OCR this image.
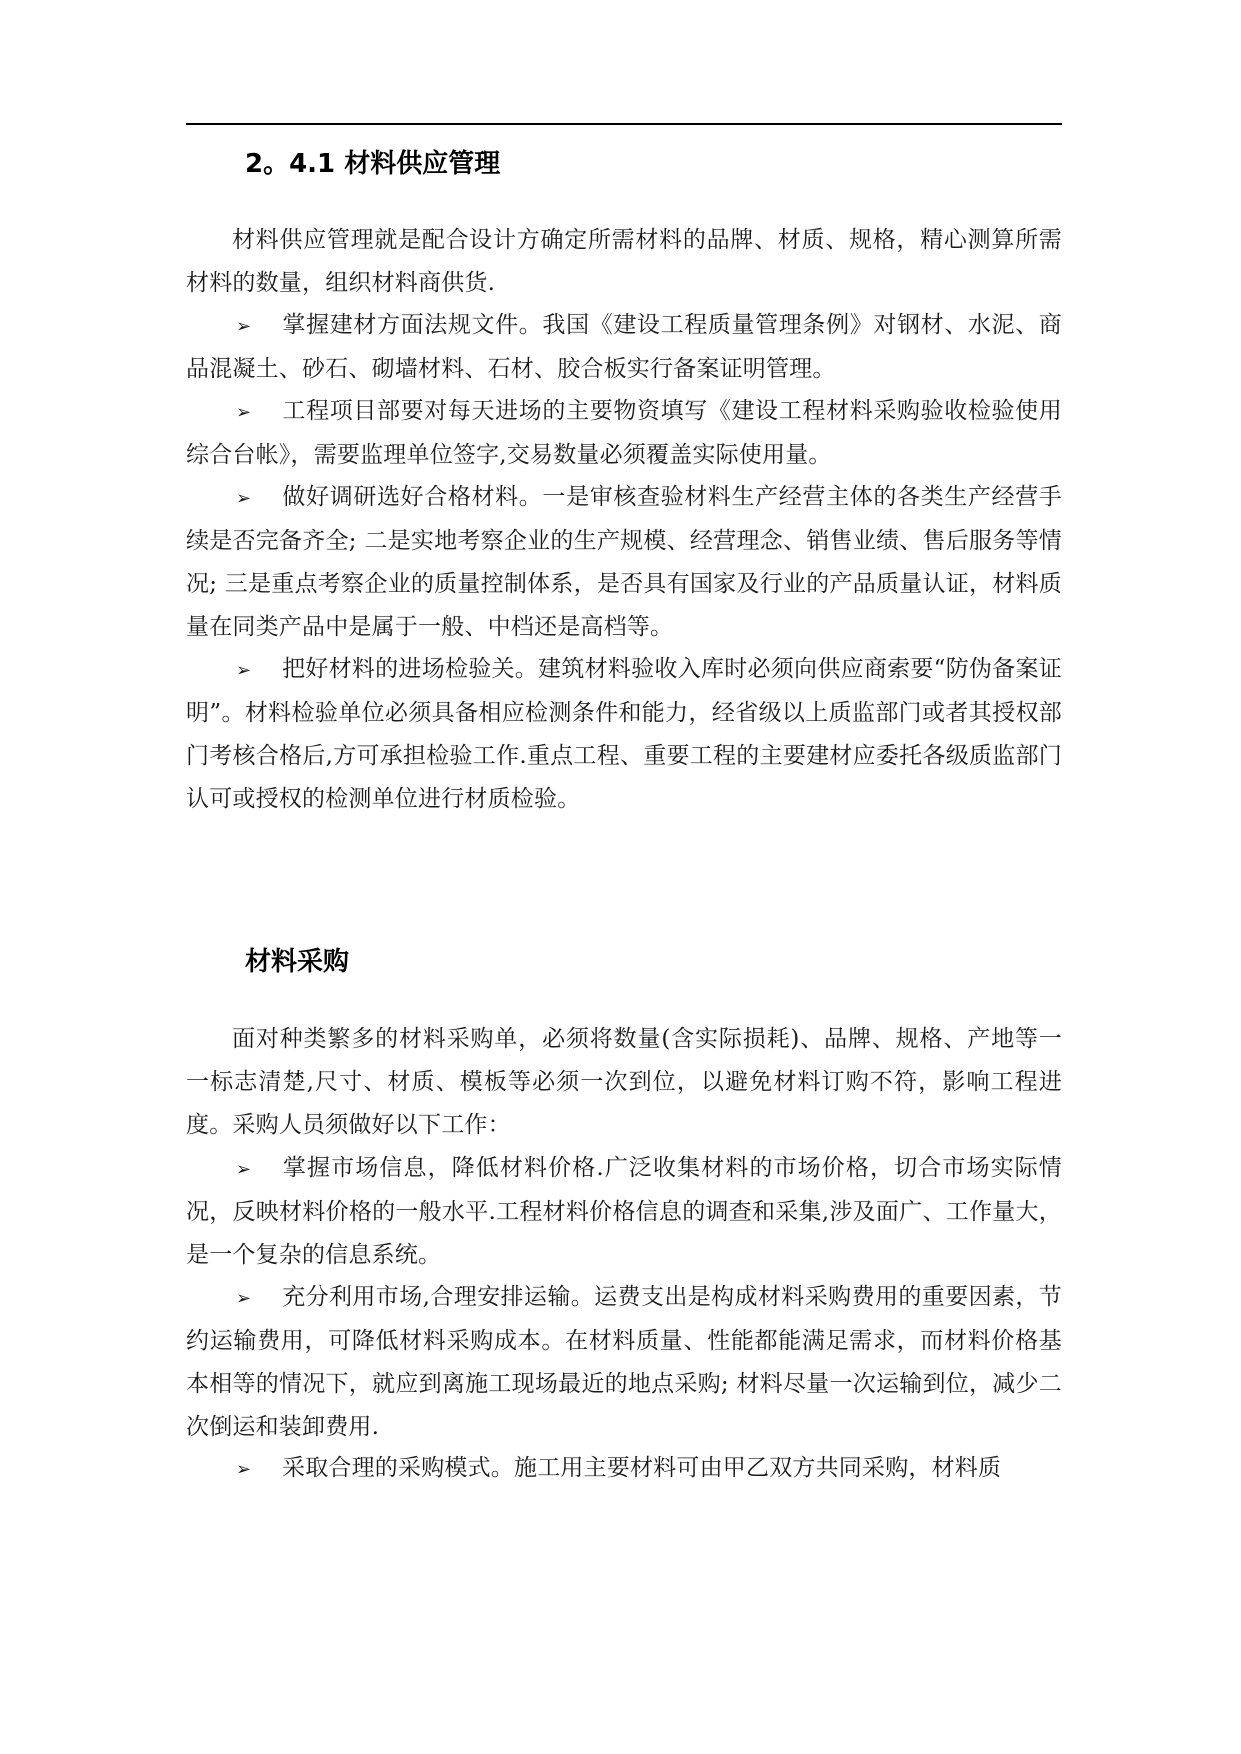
2。4.1 材料供应管理
材料供应管理就是配合设计方确定所需材料的品牌、材质、规格，精心测算所需材料的数量，组织材料商供货.
➢ 掌握建材方面法规文件。我国《建设工程质量管理条例》对钢材、水泥、商品混凝土、砂石、砌墙材料、石材、胶合板实行备案证明管理。
➢ 工程项目部要对每天进场的主要物资填写《建设工程材料采购验收检验使用综合台帐》，需要监理单位签字,交易数量必须覆盖实际使用量。
➢ 做好调研选好合格材料。一是审核查验材料生产经营主体的各类生产经营手续是否完备齐全; 二是实地考察企业的生产规模、经营理念、销售业绩、售后服务等情况; 三是重点考察企业的质量控制体系，是否具有国家及行业的产品质量认证，材料质量在同类产品中是属于一般、中档还是高档等。
➢ 把好材料的进场检验关。建筑材料验收入库时必须向供应商索要“防伪备案证明”。材料检验单位必须具备相应检测条件和能力，经省级以上质监部门或者其授权部门考核合格后,方可承担检验工作.重点工程、重要工程的主要建材应委托各级质监部门认可或授权的检测单位进行材质检验。
材料采购
面对种类繁多的材料采购单，必须将数量(含实际损耗)、品牌、规格、产地等一一标志清楚,尺寸、材质、模板等必须一次到位，以避免材料订购不符，影响工程进度。采购人员须做好以下工作：
➢ 掌握市场信息，降低材料价格.广泛收集材料的市场价格，切合市场实际情况，反映材料价格的一般水平.工程材料价格信息的调查和采集,涉及面广、工作量大，是一个复杂的信息系统。
➢ 充分利用市场,合理安排运输。运费支出是构成材料采购费用的重要因素，节约运输费用，可降低材料采购成本。在材料质量、性能都能满足需求，而材料价格基本相等的情况下，就应到离施工现场最近的地点采购; 材料尽量一次运输到位，减少二次倒运和装卸费用.
➢ 采取合理的采购模式。施工用主要材料可由甲乙双方共同采购，材料质
